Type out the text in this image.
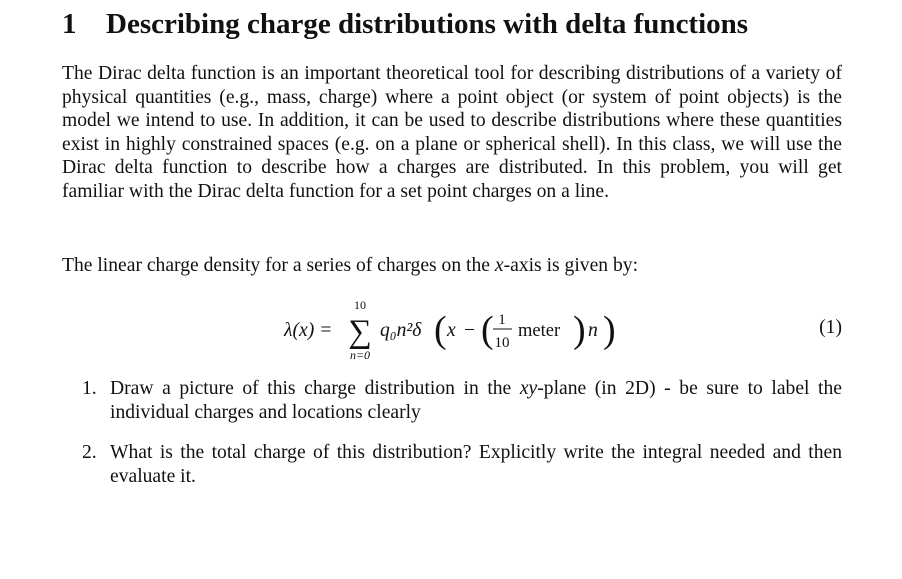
1 Describing charge distributions with delta functions

The Dirac delta function is an important theoretical tool for describing distributions of a variety of physical quantities (e.g., mass, charge) where a point object (or system of point objects) is the model we intend to use. In addition, it can be used to describe distributions where these quantities exist in highly constrained spaces (e.g. on a plane or spherical shell). In this class, we will use the Dirac delta function to describe how a charges are distributed. In this problem, you will get familiar with the Dirac delta function for a set point charges on a line.

The linear charge density for a series of charges on the x-axis is given by:

λ(x) =
10
∑
n=0
q₀n²δ ( x − ( 1
10
meter ) n )	(1)
1. Draw a picture of this charge distribution in the xy-plane (in 2D) - be sure to label the individual charges and locations clearly
2. What is the total charge of this distribution? Explicitly write the integral needed and then evaluate it.
